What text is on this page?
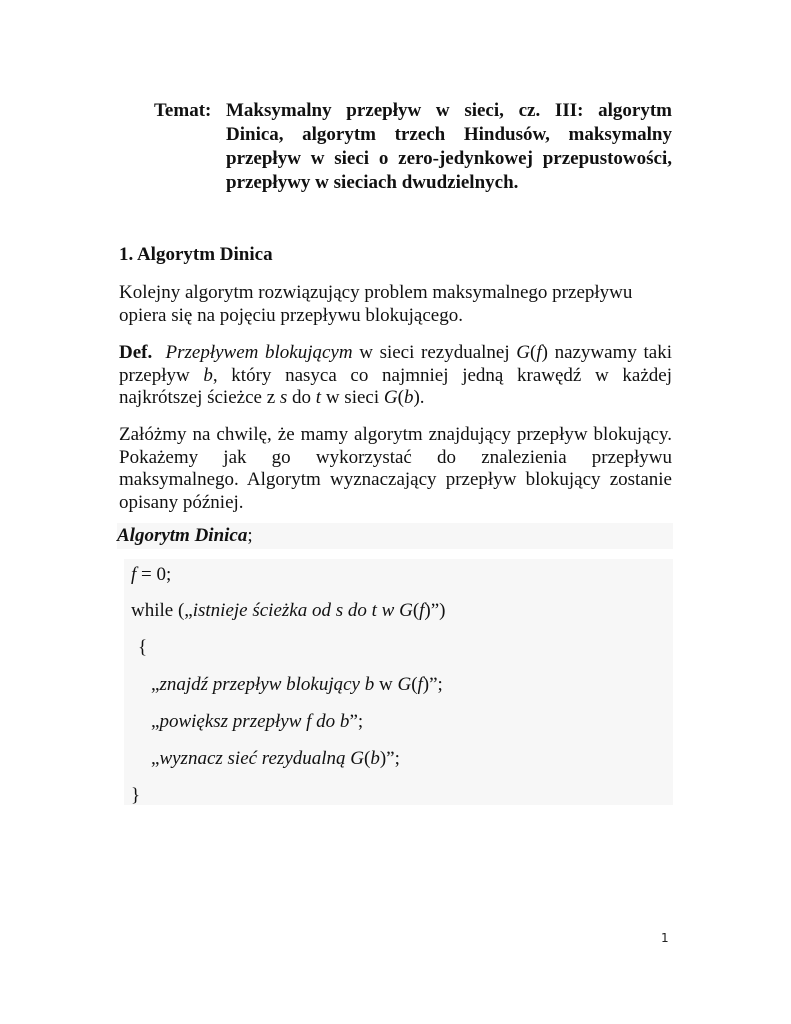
Temat: Maksymalny przepływ w sieci, cz. III: algorytm Dinica, algorytm trzech Hindusów, maksymalny przepływ w sieci o zero-jedynkowej przepustowości, przepływy w sieciach dwudzielnych.
1. Algorytm Dinica

Kolejny algorytm rozwiązujący problem maksymalnego przepływu opiera się na pojęciu przepływu blokującego.

Def. Przepływem blokującym w sieci rezydualnej G(f) nazywamy taki przepływ b, który nasyca co najmniej jedną krawędź w każdej najkrótszej ścieżce z s do t w sieci G(b).

Załóżmy na chwilę, że mamy algorytm znajdujący przepływ blokujący. Pokażemy jak go wykorzystać do znalezienia przepływu maksymalnego. Algorytm wyznaczający przepływ blokujący zostanie opisany później.

Algorytm Dinica;
f = 0;
while („istnieje ścieżka od s do t w G(f)”)
{
„znajdź przepływ blokujący b w G(f)”;
„powiększ przepływ f do b”;
„wyznacz sieć rezydualną G(b)”;
}
1
